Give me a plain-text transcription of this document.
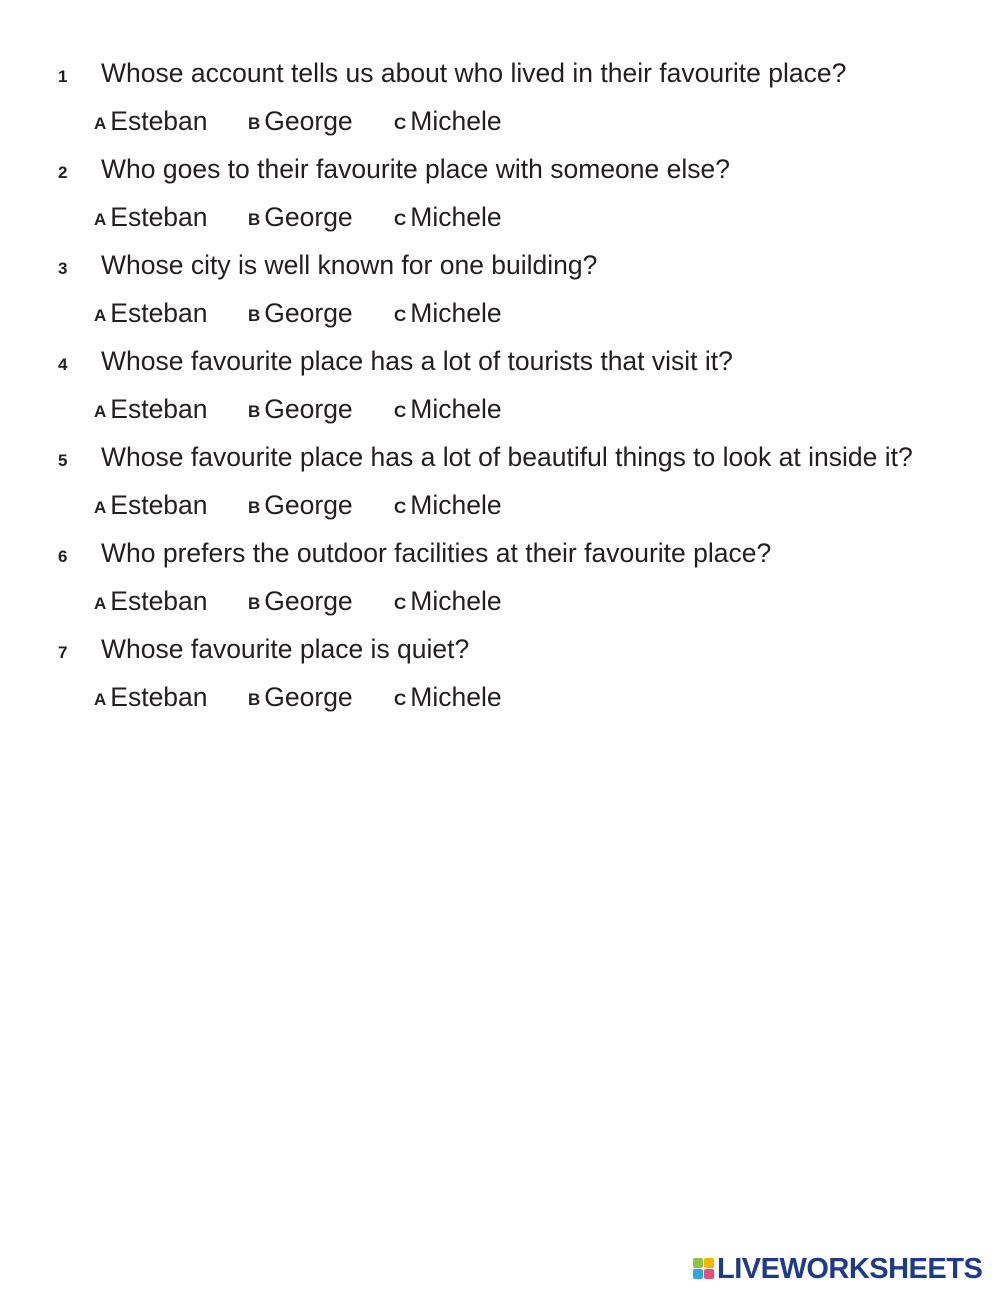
1 Whose account tells us about who lived in their favourite place?
A Esteban B George C Michele
2 Who goes to their favourite place with someone else?
A Esteban B George C Michele
3 Whose city is well known for one building?
A Esteban B George C Michele
4 Whose favourite place has a lot of tourists that visit it?
A Esteban B George C Michele
5 Whose favourite place has a lot of beautiful things to look at inside it?
A Esteban B George C Michele
6 Who prefers the outdoor facilities at their favourite place?
A Esteban B George C Michele
7 Whose favourite place is quiet?
A Esteban B George C Michele
LIVEWORKSHEETS
